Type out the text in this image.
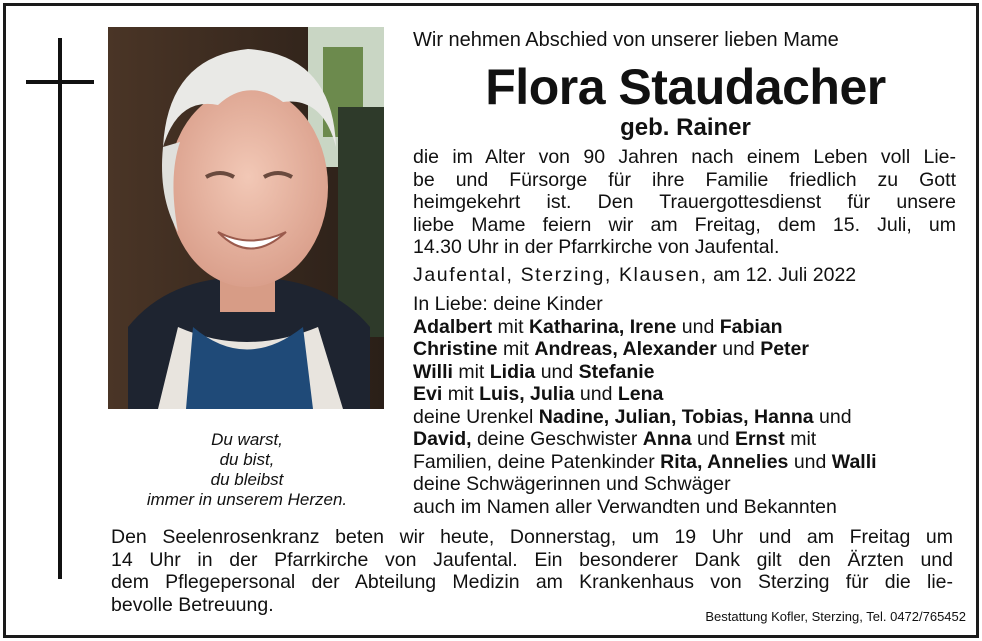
Du warst,
du bist,
du bleibst
immer in unserem Herzen.
Wir nehmen Abschied von unserer lieben Mame
Flora Staudacher
geb. Rainer
die im Alter von 90 Jahren nach einem Leben voll Lie-
be und Fürsorge für ihre Familie friedlich zu Gott
heimgekehrt ist. Den Trauergottesdienst für unsere
liebe Mame feiern wir am Freitag, dem 15. Juli, um
14.30 Uhr in der Pfarrkirche von Jaufental.
Jaufental, Sterzing, Klausen, am 12. Juli 2022
In Liebe: deine Kinder
Adalbert mit Katharina, Irene und Fabian
Christine mit Andreas, Alexander und Peter
Willi mit Lidia und Stefanie
Evi mit Luis, Julia und Lena
deine Urenkel Nadine, Julian, Tobias, Hanna und
David, deine Geschwister Anna und Ernst mit
Familien, deine Patenkinder Rita, Annelies und Walli
deine Schwägerinnen und Schwäger
auch im Namen aller Verwandten und Bekannten
Den Seelenrosenkranz beten wir heute, Donnerstag, um 19 Uhr und am Freitag um
14 Uhr in der Pfarrkirche von Jaufental. Ein besonderer Dank gilt den Ärzten und
dem Pflegepersonal der Abteilung Medizin am Krankenhaus von Sterzing für die lie-
bevolle Betreuung.
Bestattung Kofler, Sterzing, Tel. 0472/765452
